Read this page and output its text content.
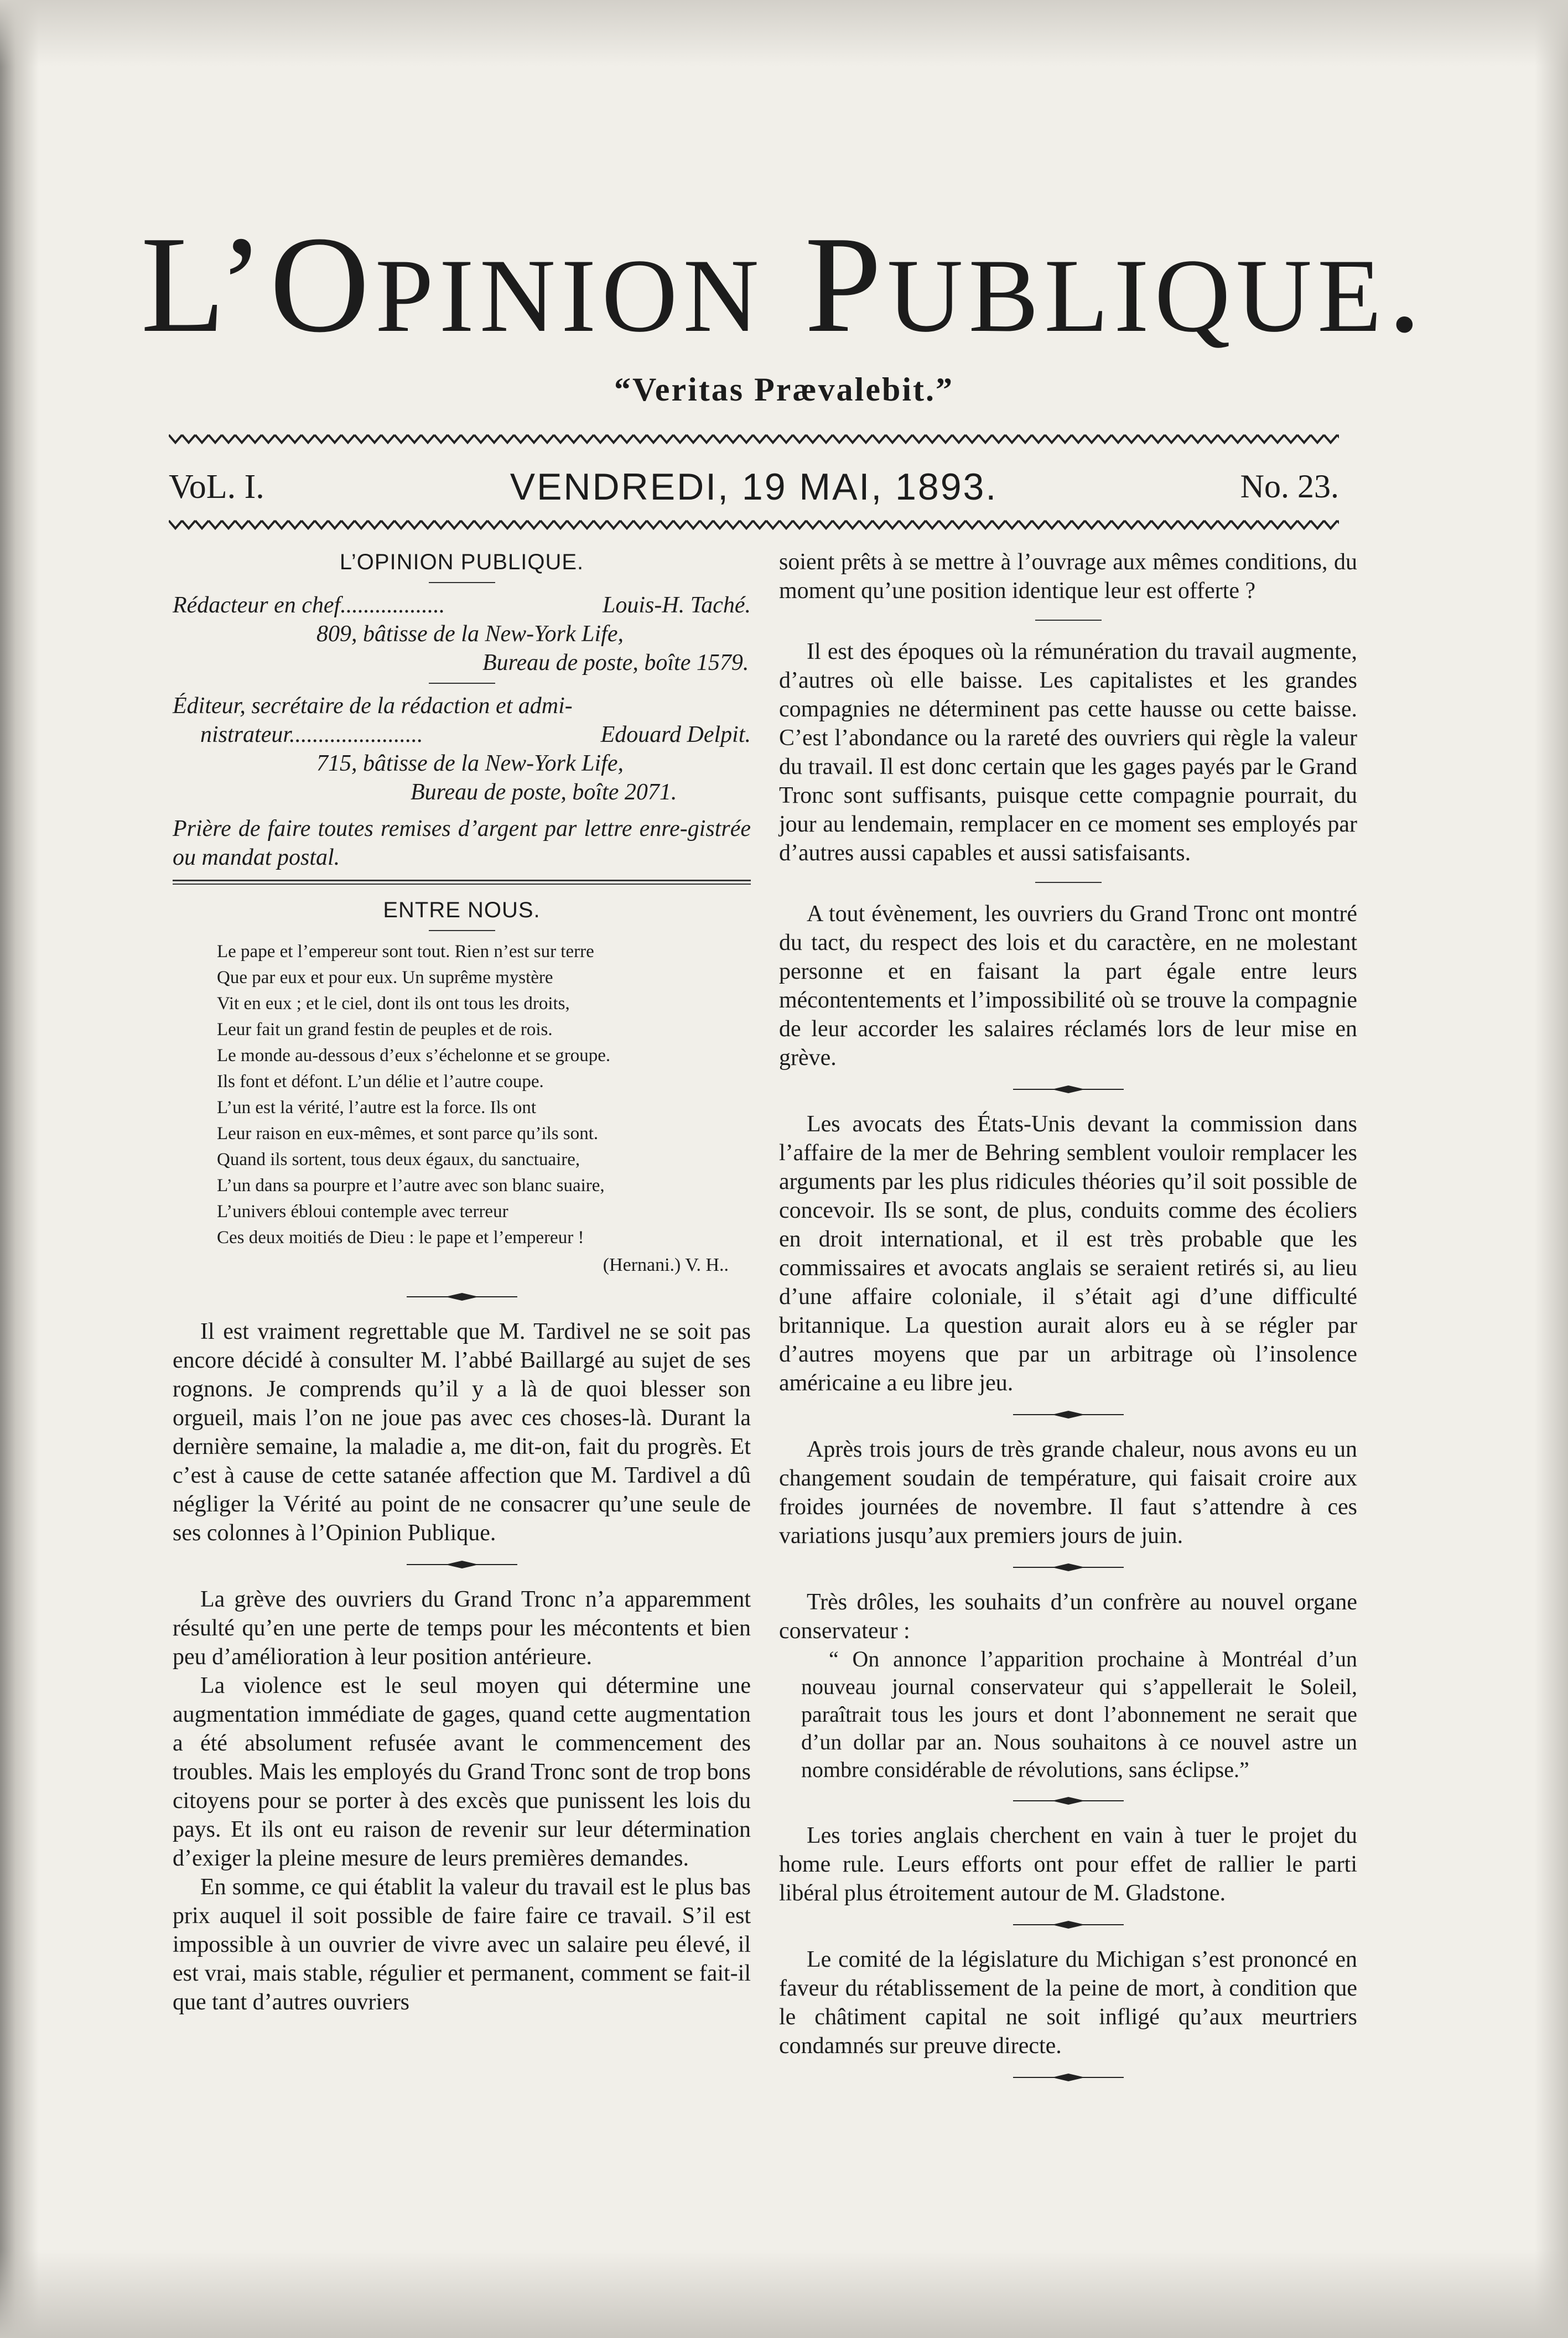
L’OPINION PUBLIQUE.
“Veritas Prævalebit.”
VoL. I.	VENDREDI, 19 MAI, 1893.	No. 23.
L’OPINION PUBLIQUE.
Rédacteur en chef..................	Louis-H. Taché.
809, bâtisse de la New-York Life,
Bureau de poste, boîte 1579.
Éditeur, secrétaire de la rédaction et admi-
nistrateur.......................	Edouard Delpit.
715, bâtisse de la New-York Life,
Bureau de poste, boîte 2071.
Prière de faire toutes remises d’argent par lettre enre-gistrée ou mandat postal.
ENTRE NOUS.
Le pape et l’empereur sont tout. Rien n’est sur terre
Que par eux et pour eux. Un suprême mystère
Vit en eux ; et le ciel, dont ils ont tous les droits,
Leur fait un grand festin de peuples et de rois.
Le monde au-dessous d’eux s’échelonne et se groupe.
Ils font et défont. L’un délie et l’autre coupe.
L’un est la vérité, l’autre est la force. Ils ont
Leur raison en eux-mêmes, et sont parce qu’ils sont.
Quand ils sortent, tous deux égaux, du sanctuaire,
L’un dans sa pourpre et l’autre avec son blanc suaire,
L’univers ébloui contemple avec terreur
Ces deux moitiés de Dieu : le pape et l’empereur !
(Hernani.) V. H..

Il est vraiment regrettable que M. Tardivel ne se soit pas encore décidé à consulter M. l’abbé Baillargé au sujet de ses rognons. Je comprends qu’il y a là de quoi blesser son orgueil, mais l’on ne joue pas avec ces choses-là. Durant la dernière semaine, la maladie a, me dit-on, fait du progrès. Et c’est à cause de cette satanée affection que M. Tardivel a dû négliger la Vérité au point de ne consacrer qu’une seule de ses colonnes à l’Opinion Publique.

La grève des ouvriers du Grand Tronc n’a apparemment résulté qu’en une perte de temps pour les mécontents et bien peu d’amélioration à leur position antérieure.

La violence est le seul moyen qui détermine une augmentation immédiate de gages, quand cette augmentation a été absolument refusée avant le commencement des troubles. Mais les employés du Grand Tronc sont de trop bons citoyens pour se porter à des excès que punissent les lois du pays. Et ils ont eu raison de revenir sur leur détermination d’exiger la pleine mesure de leurs premières demandes.

En somme, ce qui établit la valeur du travail est le plus bas prix auquel il soit possible de faire faire ce travail. S’il est impossible à un ouvrier de vivre avec un salaire peu élevé, il est vrai, mais stable, régulier et permanent, comment se fait-il que tant d’autres ouvriers

soient prêts à se mettre à l’ouvrage aux mêmes conditions, du moment qu’une position identique leur est offerte ?

Il est des époques où la rémunération du travail augmente, d’autres où elle baisse. Les capitalistes et les grandes compagnies ne déterminent pas cette hausse ou cette baisse. C’est l’abondance ou la rareté des ouvriers qui règle la valeur du travail. Il est donc certain que les gages payés par le Grand Tronc sont suffisants, puisque cette compagnie pourrait, du jour au lendemain, remplacer en ce moment ses employés par d’autres aussi capables et aussi satisfaisants.

A tout évènement, les ouvriers du Grand Tronc ont montré du tact, du respect des lois et du caractère, en ne molestant personne et en faisant la part égale entre leurs mécontentements et l’impossibilité où se trouve la compagnie de leur accorder les salaires réclamés lors de leur mise en grève.

Les avocats des États-Unis devant la commission dans l’affaire de la mer de Behring semblent vouloir remplacer les arguments par les plus ridicules théories qu’il soit possible de concevoir. Ils se sont, de plus, conduits comme des écoliers en droit international, et il est très probable que les commissaires et avocats anglais se seraient retirés si, au lieu d’une affaire coloniale, il s’était agi d’une difficulté britannique. La question aurait alors eu à se régler par d’autres moyens que par un arbitrage où l’insolence américaine a eu libre jeu.

Après trois jours de très grande chaleur, nous avons eu un changement soudain de température, qui faisait croire aux froides journées de novembre. Il faut s’attendre à ces variations jusqu’aux premiers jours de juin.

Très drôles, les souhaits d’un confrère au nouvel organe conservateur :

“ On annonce l’apparition prochaine à Montréal d’un nouveau journal conservateur qui s’appellerait le Soleil, paraîtrait tous les jours et dont l’abonnement ne serait que d’un dollar par an. Nous souhaitons à ce nouvel astre un nombre considérable de révolutions, sans éclipse.”

Les tories anglais cherchent en vain à tuer le projet du home rule. Leurs efforts ont pour effet de rallier le parti libéral plus étroitement autour de M. Gladstone.

Le comité de la législature du Michigan s’est prononcé en faveur du rétablissement de la peine de mort, à condition que le châtiment capital ne soit infligé qu’aux meurtriers condamnés sur preuve directe.
